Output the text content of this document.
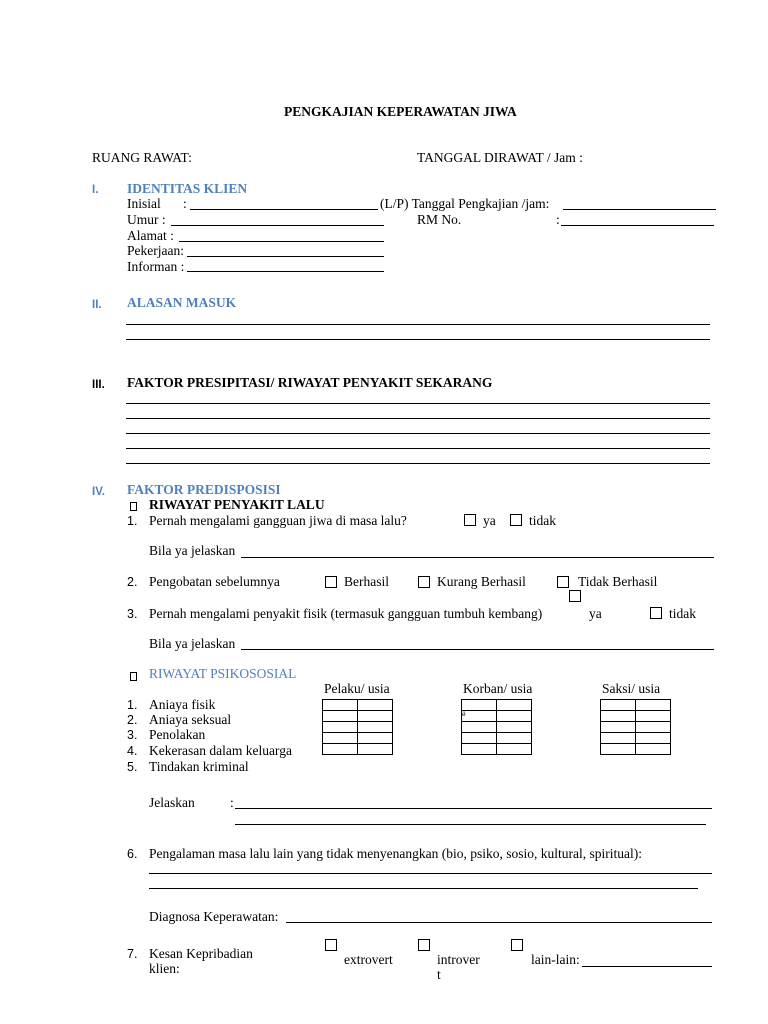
PENGKAJIAN KEPERAWATAN JIWA
RUANG RAWAT:	TANGGAL DIRAWAT / Jam :
I. IDENTITAS KLIEN
Inisial :	(L/P) Tanggal Pengkajian /jam:
Umur :	RM No.	:
Alamat :
Pekerjaan:
Informan :
II. ALASAN MASUK
III. FAKTOR PRESIPITASI/ RIWAYAT PENYAKIT SEKARANG
IV. FAKTOR PREDISPOSISI
RIWAYAT PENYAKIT LALU
1. Pernah mengalami gangguan jiwa di masa lalu?	ya tidak
Bila ya jelaskan
2. Pengobatan sebelumnya	Berhasil	Kurang Berhasil	Tidak Berhasil
3. Pernah mengalami penyakit fisik (termasuk gangguan tumbuh kembang)	ya	tidak
Bila ya jelaskan
RIWAYAT PSIKOSOSIAL
Pelaku/ usia	Korban/ usia	Saksi/ usia
1. Aniaya fisik
2. Aniaya seksual
3. Penolakan
4. Kekerasan dalam keluarga
5. Tindakan kriminal

ǿ	

Jelaskan	:
6. Pengalaman masa lalu lain yang tidak menyenangkan (bio, psiko, sosio, kultural, spiritual):
Diagnosa Keperawatan:
7. Kesan Kepribadian
klien:
extrovert	introver
t
lain-lain:
